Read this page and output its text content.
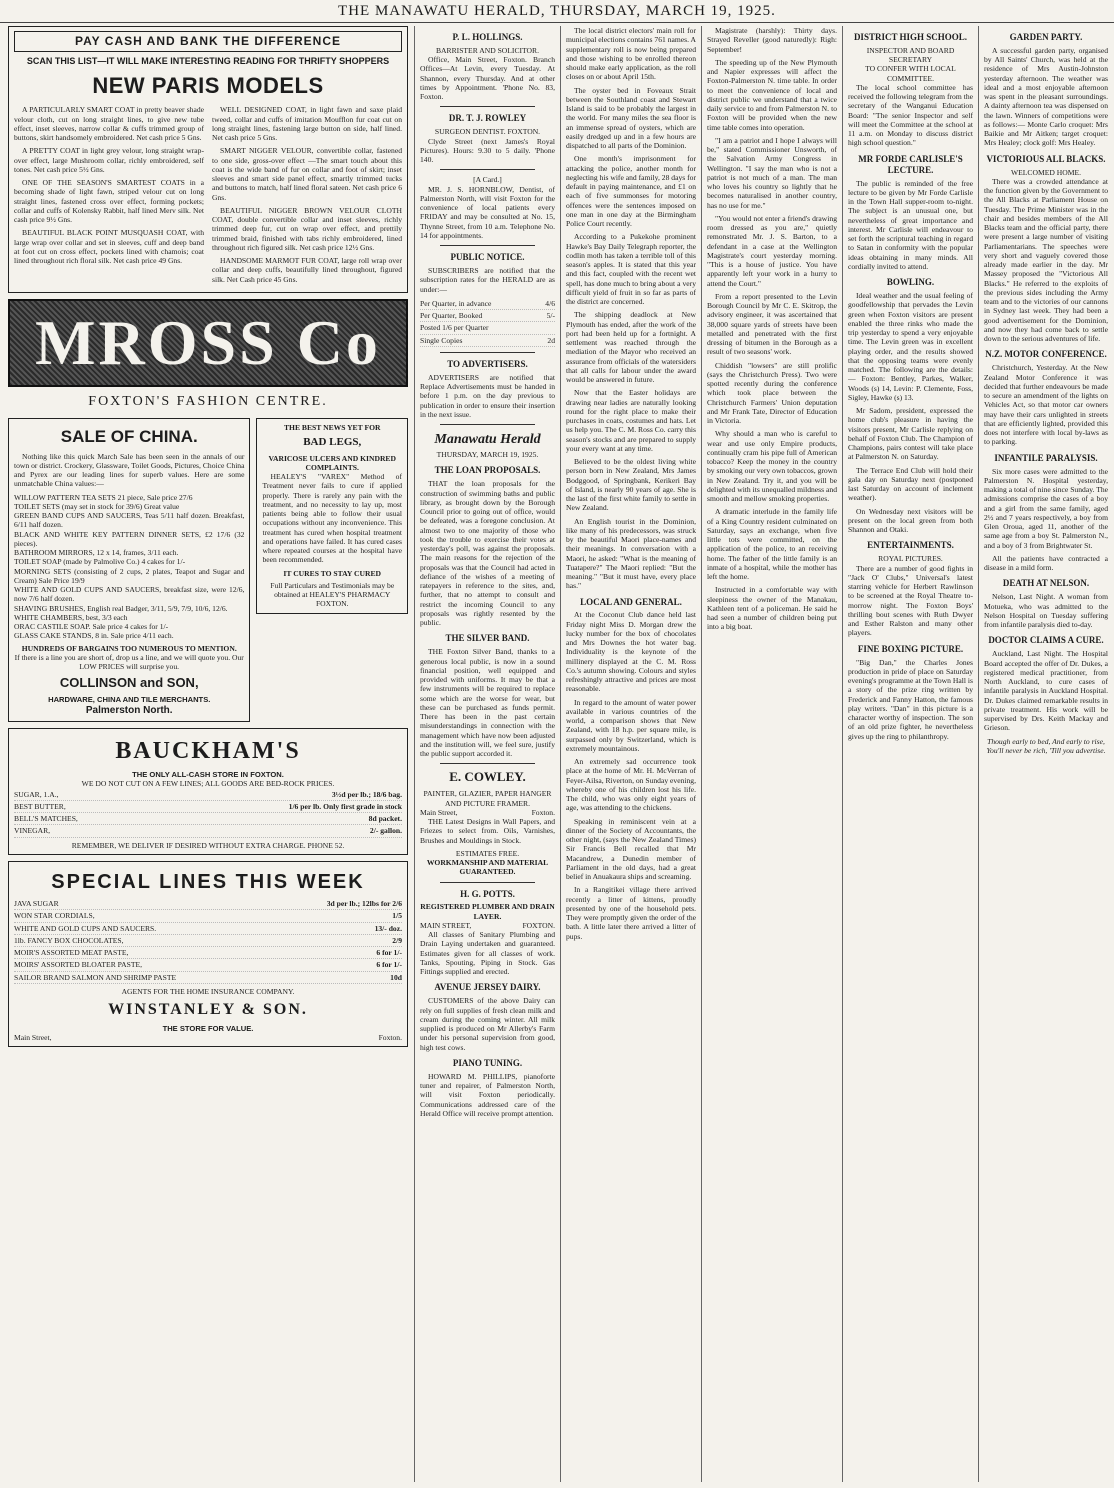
THE MANAWATU HERALD, THURSDAY, MARCH 19, 1925.
PAY CASH AND BANK THE DIFFERENCE
SCAN THIS LIST—IT WILL MAKE INTERESTING READING FOR THRIFTY SHOPPERS
NEW PARIS MODELS

A PARTICULARLY SMART COAT in pretty beaver shade velour cloth, cut on long straight lines, to give new tube effect, inset sleeves, narrow collar & cuffs trimmed group of buttons, skirt handsomely embroidered. Net cash price 5 Gns.

A PRETTY COAT in light grey velour, long straight wrap-over effect, large Mushroom collar, richly embroidered, self tones. Net cash price 5½ Gns.

ONE OF THE SEASON'S SMARTEST COATS in a becoming shade of light fawn, striped velour cut on long straight lines, fastened cross over effect, forming pockets; collar and cuffs of Kolensky Rabbit, half lined Merv silk. Net cash price 9½ Gns.

BEAUTIFUL BLACK POINT MUSQUASH COAT, with large wrap over collar and set in sleeves, cuff and deep band at foot cut on cross effect, pockets lined with chamois; coat lined throughout rich floral silk. Net cash price 49 Gns.

WELL DESIGNED COAT, in light fawn and saxe plaid tweed, collar and cuffs of imitation Moufflon fur coat cut on long straight lines, fastening large button on side, half lined. Net cash price 5 Gns.

SMART NIGGER VELOUR, convertible collar, fastened to one side, gross-over effect —The smart touch about this coat is the wide band of fur on collar and foot of skirt; inset sleeves and smart side panel effect, smartly trimmed tucks and buttons to match, half lined floral sateen. Net cash price 6 Gns.

BEAUTIFUL NIGGER BROWN VELOUR CLOTH COAT, double convertible collar and inset sleeves, richly trimmed deep fur, cut on wrap over effect, and prettily trimmed braid, finished with tabs richly embroidered, lined throughout rich figured silk. Net cash price 12½ Gns.

HANDSOME MARMOT FUR COAT, large roll wrap over collar and deep cuffs, beautifully lined throughout, figured silk. Net Cash price 45 Gns.

MROSS Co
FOXTON'S FASHION CENTRE.
SALE OF CHINA.

Nothing like this quick March Sale has been seen in the annals of our town or district. Crockery, Glassware, Toilet Goods, Pictures, Choice China and Pyrex are our leading lines for superb values. Here are some unmatchable China values:—

WILLOW PATTERN TEA SETS 21 piece, Sale price 27/6
TOILET SETS (may set in stock for 39/6) Great value
GREEN BAND CUPS AND SAUCERS, Teas 5/11 half dozen. Breakfast, 6/11 half dozen.
BLACK AND WHITE KEY PATTERN DINNER SETS, £2 17/6 (32 pieces).
BATHROOM MIRRORS, 12 x 14, frames, 3/11 each.
TOILET SOAP (made by Palmolive Co.) 4 cakes for 1/-
MORNING SETS (consisting of 2 cups, 2 plates, Teapot and Sugar and Cream) Sale Price 19/9
WHITE AND GOLD CUPS AND SAUCERS, breakfast size, were 12/6, now 7/6 half dozen.
SHAVING BRUSHES, English real Badger, 3/11, 5/9, 7/9, 10/6, 12/6.
WHITE CHAMBERS, best, 3/3 each
ORAC CASTILE SOAP. Sale price 4 cakes for 1/-
GLASS CAKE STANDS, 8 in. Sale price 4/11 each.
HUNDREDS OF BARGAINS TOO NUMEROUS TO MENTION.
If there is a line you are short of, drop us a line, and we will quote you. Our LOW PRICES will surprise you.
COLLINSON and SON,
HARDWARE, CHINA AND TILE MERCHANTS.
Palmerston North.
THE BEST NEWS YET FOR
BAD LEGS,
VARICOSE ULCERS AND KINDRED COMPLAINTS.

HEALEY'S "VAREX" Method of Treatment never fails to cure if applied properly. There is rarely any pain with the treatment, and no necessity to lay up, most patients being able to follow their usual occupations without any inconvenience. This treatment has cured when hospital treatment and operations have failed. It has cured cases where repeated courses at the hospital have been recommended.

IT CURES TO STAY CURED
Full Particulars and Testimonials may be obtained at HEALEY'S PHARMACY FOXTON.
BAUCKHAM'S
THE ONLY ALL-CASH STORE IN FOXTON.
WE DO NOT CUT ON A FEW LINES; ALL GOODS ARE BED-ROCK PRICES.
SUGAR, 1.A.,	3½d per lb.; 18/6 bag.
BEST BUTTER,	1/6 per lb. Only first grade in stock
BELL'S MATCHES,	8d packet.
VINEGAR,	2/- gallon.
REMEMBER, WE DELIVER IF DESIRED WITHOUT EXTRA CHARGE. PHONE 52.
SPECIAL LINES THIS WEEK
JAVA SUGAR	3d per lb.; 12lbs for 2/6
WON STAR CORDIALS,	1/5
WHITE AND GOLD CUPS AND SAUCERS.	13/- doz.
1lb. FANCY BOX CHOCOLATES,	2/9
MOIR'S ASSORTED MEAT PASTE,	6 for 1/-
MOIRS' ASSORTED BLOATER PASTE,	6 for 1/-
SAILOR BRAND SALMON AND SHRIMP PASTE	10d
AGENTS FOR THE HOME INSURANCE COMPANY.
WINSTANLEY & SON.
THE STORE FOR VALUE.
Main Street,	Foxton.
P. L. HOLLINGS.
BARRISTER AND SOLICITOR.

Office, Main Street, Foxton. Branch Offices—At Levin, every Tuesday. At Shannon, every Thursday. And at other times by Appointment. 'Phone No. 83, Foxton.

DR. T. J. ROWLEY
SURGEON DENTIST. FOXTON.

Clyde Street (next James's Royal Pictures). Hours: 9.30 to 5 daily. 'Phone 140.

[A Card.]

MR. J. S. HORNBLOW, Dentist, of Palmerston North, will visit Foxton for the convenience of local patients every FRIDAY and may be consulted at No. 15, Thynne Street, from 10 a.m. Telephone No. 14 for appointments.

PUBLIC NOTICE.

SUBSCRIBERS are notified that the subscription rates for the HERALD are as under:—

Per Quarter, in advance	4/6
Per Quarter, Booked	5/-
Posted 1/6 per Quarter
Single Copies	2d
TO ADVERTISERS.

ADVERTISERS are notified that Replace Advertisements must be handed in before 1 p.m. on the day previous to publication in order to ensure their insertion in the next issue.

Manawatu Herald
THURSDAY, MARCH 19, 1925.
THE LOAN PROPOSALS.

THAT the loan proposals for the construction of swimming baths and public library, as brought down by the Borough Council prior to going out of office, would be defeated, was a foregone conclusion. At almost two to one majority of those who took the trouble to exercise their votes at yesterday's poll, was against the proposals. The main reasons for the rejection of the proposals was that the Council had acted in defiance of the wishes of a meeting of ratepayers in reference to the sites, and, further, that no attempt to consult and restrict the incoming Council to any proposals was rightly resented by the public.

THE SILVER BAND.

THE Foxton Silver Band, thanks to a generous local public, is now in a sound financial position, well equipped and provided with uniforms. It may be that a few instruments will be required to replace some which are the worse for wear, but these can be purchased as funds permit. There has been in the past certain misunderstandings in connection with the management which have now been adjusted and the institution will, we feel sure, justify the public support accorded it.

E. COWLEY.
PAINTER, GLAZIER, PAPER HANGER AND PICTURE FRAMER.
Main Street,	Foxton.

THE Latest Designs in Wall Papers, and Friezes to select from. Oils, Varnishes, Brushes and Mouldings in Stock.

ESTIMATES FREE.
WORKMANSHIP AND MATERIAL GUARANTEED.
H. G. POTTS.
REGISTERED PLUMBER AND DRAIN LAYER.
MAIN STREET,	FOXTON.

All classes of Sanitary Plumbing and Drain Laying undertaken and guaranteed. Estimates given for all classes of work. Tanks, Spouting, Piping in Stock. Gas Fittings supplied and erected.

AVENUE JERSEY DAIRY.

CUSTOMERS of the above Dairy can rely on full supplies of fresh clean milk and cream during the coming winter. All milk supplied is produced on Mr Allerby's Farm under his personal supervision from good, high test cows.

PIANO TUNING.

HOWARD M. PHILLIPS, pianoforte tuner and repairer, of Palmerston North, will visit Foxton periodically. Communications addressed care of the Herald Office will receive prompt attention.

The local district electors' main roll for municipal elections contains 761 names. A supplementary roll is now being prepared and those wishing to be enrolled thereon should make early application, as the roll closes on or about April 15th.

The oyster bed in Foveaux Strait between the Southland coast and Stewart Island is said to be probably the largest in the world. For many miles the sea floor is an immense spread of oysters, which are easily dredged up and in a few hours are dispatched to all parts of the Dominion.

One month's imprisonment for attacking the police, another month for neglecting his wife and family, 28 days for default in paying maintenance, and £1 on each of five summonses for motoring offences were the sentences imposed on one man in one day at the Birmingham Police Court recently.

According to a Pukekohe prominent Hawke's Bay Daily Telegraph reporter, the codlin moth has taken a terrible toll of this season's apples. It is stated that this year and this fact, coupled with the recent wet spell, has done much to bring about a very difficult yield of fruit in so far as parts of the district are concerned.

The shipping deadlock at New Plymouth has ended, after the work of the port had been held up for a fortnight. A settlement was reached through the mediation of the Mayor who received an assurance from officials of the watersiders that all calls for labour under the award would be answered in future.

Now that the Easter holidays are drawing near ladies are naturally looking round for the right place to make their purchases in coats, costumes and hats. Let us help you. The C. M. Ross Co. carry this season's stocks and are prepared to supply your every want at any time.

Believed to be the oldest living white person born in New Zealand, Mrs James Bodggood, of Springbank, Kerikeri Bay of Island, is nearly 90 years of age. She is the last of the first white family to settle in New Zealand.

An English tourist in the Dominion, like many of his predecessors, was struck by the beautiful Maori place-names and their meanings. In conversation with a Maori, he asked: "What is the meaning of Tuatapere?" The Maori replied: "But the meaning." "But it must have, every place has."

LOCAL AND GENERAL.

At the Coconut Club dance held last Friday night Miss D. Morgan drew the lucky number for the box of chocolates and Mrs Downes the hot water bag. Individuality is the keynote of the millinery displayed at the C. M. Ross Co.'s autumn showing. Colours and styles refreshingly attractive and prices are most reasonable.

In regard to the amount of water power available in various countries of the world, a comparison shows that New Zealand, with 18 h.p. per square mile, is surpassed only by Switzerland, which is extremely mountainous.

An extremely sad occurrence took place at the home of Mr. H. McVerran of Feyer-Ailsa, Riverton, on Sunday evening, whereby one of his children lost his life. The child, who was only eight years of age, was attending to the chickens.

Speaking in reminiscent vein at a dinner of the Society of Accountants, the other night, (says the New Zealand Times) Sir Francis Bell recalled that Mr Macandrew, a Dunedin member of Parliament in the old days, had a great belief in Anuakaura ships and screaming.

In a Rangitikei village there arrived recently a litter of kittens, proudly presented by one of the household pets. They were promptly given the order of the bath. A little later there arrived a litter of pups.

Magistrate (harshly): Thirty days. Strayed Reveller (good naturedly): Righ: September!

The speeding up of the New Plymouth and Napier expresses will affect the Foxton-Palmerston N. time table. In order to meet the convenience of local and district public we understand that a twice daily service to and from Palmerston N. to Foxton will be provided when the new time table comes into operation.

"I am a patriot and I hope I always will be," stated Commissioner Unsworth, of the Salvation Army Congress in Wellington. "I say the man who is not a patriot is not much of a man. The man who loves his country so lightly that he becomes naturalised in another country, has no use for me."

"You would not enter a friend's drawing room dressed as you are," quietly remonstrated Mr. J. S. Barton, to a defendant in a case at the Wellington Magistrate's court yesterday morning. "This is a house of justice. You have apparently left your work in a hurry to attend the Court."

From a report presented to the Levin Borough Council by Mr C. E. Skitrop, the advisory engineer, it was ascertained that 38,000 square yards of streets have been metalled and penetrated with the first dressing of bitumen in the Borough as a result of two seasons' work.

Chiddish "lowsers" are still prolific (says the Christchurch Press). Two were spotted recently during the conference which took place between the Christchurch Farmers' Union deputation and Mr Frank Tate, Director of Education in Victoria.

Why should a man who is careful to wear and use only Empire products, continually cram his pipe full of American tobacco? Keep the money in the country by smoking our very own tobaccos, grown in New Zealand. Try it, and you will be delighted with its unequalled mildness and smooth and mellow smoking properties.

A dramatic interlude in the family life of a King Country resident culminated on Saturday, says an exchange, when five little tots were committed, on the application of the police, to an receiving home. The father of the little family is an inmate of a hospital, while the mother has left the home.

Instructed in a comfortable way with sleepiness the owner of the Manakau, Kathleen tent of a policeman. He said he had seen a number of children being put into a big boat.

DISTRICT HIGH SCHOOL.
INSPECTOR AND BOARD SECRETARY
TO CONFER WITH LOCAL COMMITTEE.

The local school committee has received the following telegram from the secretary of the Wanganui Education Board: "The senior Inspector and self will meet the Committee at the school at 11 a.m. on Monday to discuss district high school question."

MR FORDE CARLISLE'S LECTURE.

The public is reminded of the free lecture to be given by Mr Forde Carlisle in the Town Hall supper-room to-night. The subject is an unusual one, but nevertheless of great importance and interest. Mr Carlisle will endeavour to set forth the scriptural teaching in regard to Satan in conformity with the popular ideas obtaining in many minds. All cordially invited to attend.

BOWLING.

Ideal weather and the usual feeling of goodfellowship that pervades the Levin green when Foxton visitors are present enabled the three rinks who made the trip yesterday to spend a very enjoyable time. The Levin green was in excellent playing order, and the results showed that the opposing teams were evenly matched. The following are the details:— Foxton: Bentley, Parkes, Walker, Woods (s) 14, Levin: P. Clemente, Foss, Sigley, Hawke (s) 13.

Mr Sadom, president, expressed the home club's pleasure in having the visitors present, Mr Carlisle replying on behalf of Foxton Club. The Champion of Champions, pairs contest will take place at Palmerston N. on Saturday.

The Terrace End Club will hold their gala day on Saturday next (postponed last Saturday on account of inclement weather).

On Wednesday next visitors will be present on the local green from both Shannon and Otaki.

ENTERTAINMENTS.
ROYAL PICTURES.

There are a number of good fights in "Jack O' Clubs," Universal's latest starring vehicle for Herbert Rawlinson to be screened at the Royal Theatre to-morrow night. The Foxton Boys' thrilling bout scenes with Ruth Dwyer and Esther Ralston and many other players.

FINE BOXING PICTURE.

"Big Dan," the Charles Jones production in pride of place on Saturday evening's programme at the Town Hall is a story of the prize ring written by Frederick and Fanny Hatton, the famous play writers. "Dan" in this picture is a character worthy of inspection. The son of an old prize fighter, he nevertheless gives up the ring to philanthropy.

GARDEN PARTY.

A successful garden party, organised by All Saints' Church, was held at the residence of Mrs Austin-Johnston yesterday afternoon. The weather was ideal and a most enjoyable afternoon was spent in the pleasant surroundings. A dainty afternoon tea was dispensed on the lawn. Winners of competitions were as follows:— Monte Carlo croquet: Mrs Baikie and Mr Aitken; target croquet: Mrs Healey; clock golf: Mrs Healey.

VICTORIOUS ALL BLACKS.
WELCOMED HOME.

There was a crowded attendance at the function given by the Government to the All Blacks at Parliament House on Tuesday. The Prime Minister was in the chair and besides members of the All Blacks team and the official party, there were present a large number of visiting Parliamentarians. The speeches were very short and vaguely covered those already made earlier in the day. Mr Massey proposed the "Victorious All Blacks." He referred to the exploits of the previous sides including the Army team and to the victories of our cannons in Sydney last week. They had been a good advertisement for the Dominion, and now they had come back to settle down to the serious adventures of life.

N.Z. MOTOR CONFERENCE.

Christchurch, Yesterday. At the New Zealand Motor Conference it was decided that further endeavours be made to secure an amendment of the lights on Vehicles Act, so that motor car owners may have their cars unlighted in streets that are efficiently lighted, provided this does not interfere with local by-laws as to parking.

INFANTILE PARALYSIS.

Six more cases were admitted to the Palmerston N. Hospital yesterday, making a total of nine since Sunday. The admissions comprise the cases of a boy and a girl from the same family, aged 2½ and 7 years respectively, a boy from Glen Oroua, aged 11, another of the same age from a boy St. Palmerston N., and a boy of 3 from Brightwater St.

All the patients have contracted a disease in a mild form.

DEATH AT NELSON.

Nelson, Last Night. A woman from Motueka, who was admitted to the Nelson Hospital on Tuesday suffering from infantile paralysis died to-day.

DOCTOR CLAIMS A CURE.

Auckland, Last Night. The Hospital Board accepted the offer of Dr. Dukes, a registered medical practitioner, from North Auckland, to cure cases of infantile paralysis in Auckland Hospital. Dr. Dukes claimed remarkable results in private treatment. His work will be supervised by Drs. Keith Mackay and Grieson.

Though early to bed, And early to rise, You'll never be rich, 'Till you advertise.
